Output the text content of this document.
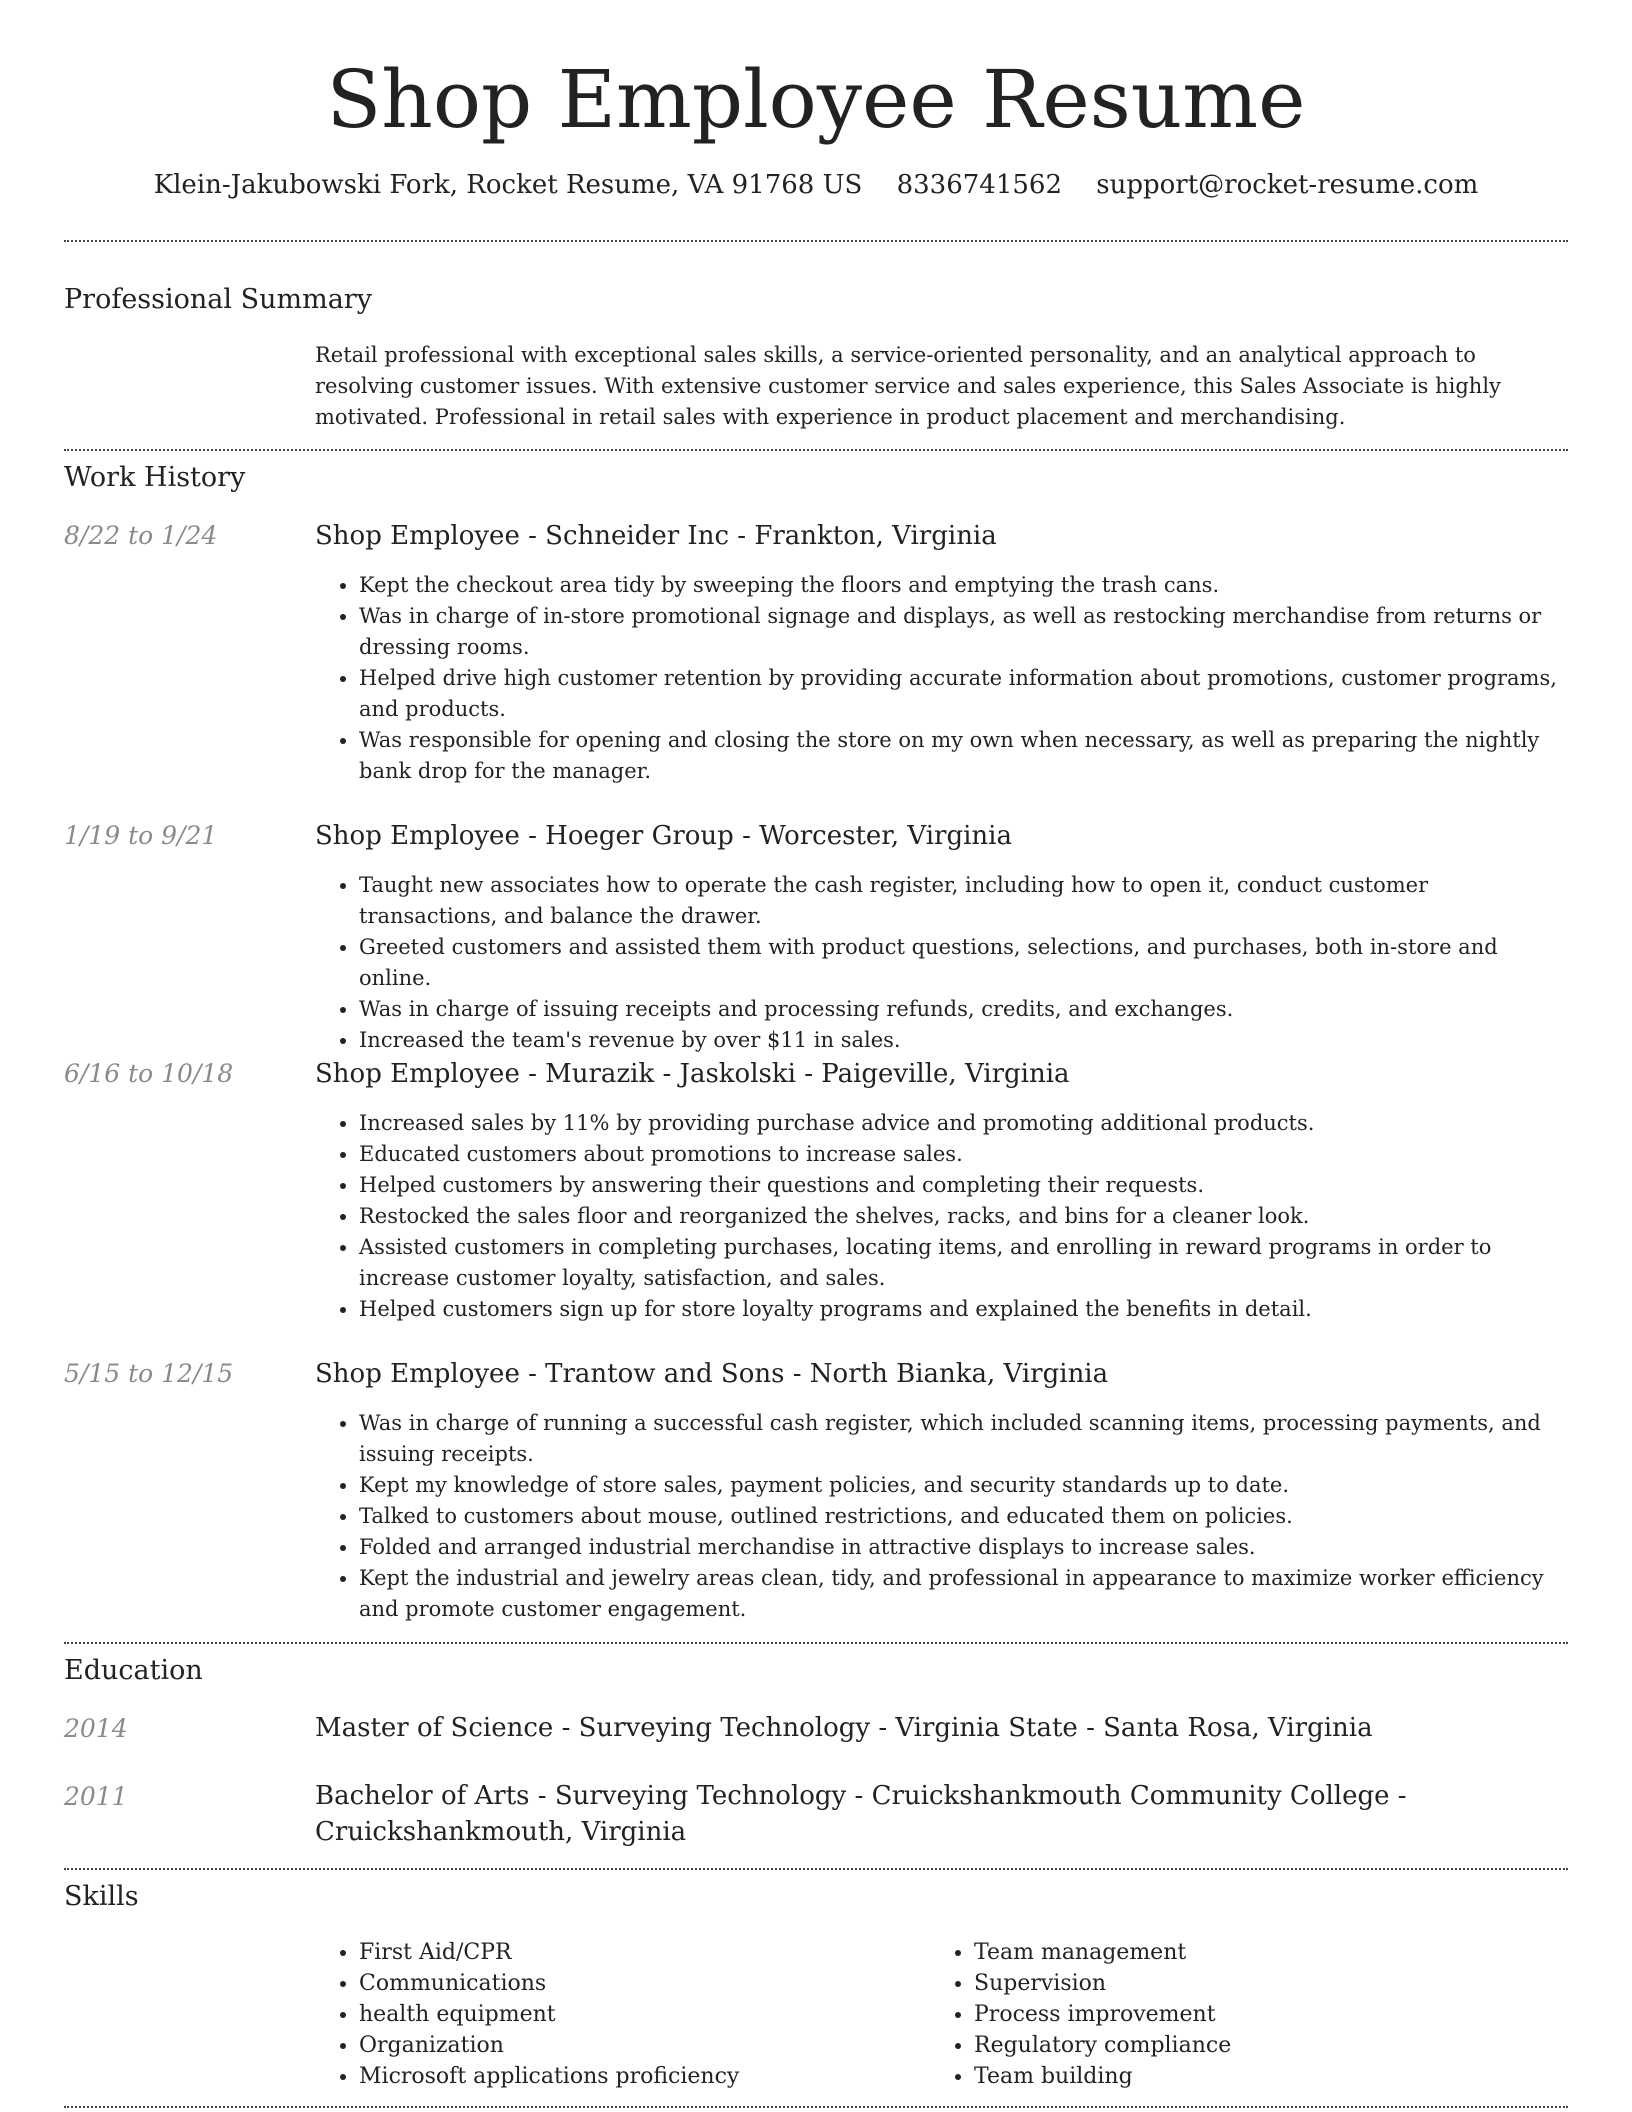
Shop Employee Resume
Klein-Jakubowski Fork, Rocket Resume, VA 91768 US 8336741562 support@rocket-resume.com
Professional Summary

Retail professional with exceptional sales skills, a service-oriented personality, and an analytical approach to resolving customer issues. With extensive customer service and sales experience, this Sales Associate is highly motivated. Professional in retail sales with experience in product placement and merchandising.

Work History
8/22 to 1/24	Shop Employee - Schneider Inc - Frankton, Virginia
• Kept the checkout area tidy by sweeping the floors and emptying the trash cans.
• Was in charge of in-store promotional signage and displays, as well as restocking merchandise from returns or dressing rooms.
• Helped drive high customer retention by providing accurate information about promotions, customer programs, and products.
• Was responsible for opening and closing the store on my own when necessary, as well as preparing the nightly bank drop for the manager.
1/19 to 9/21	Shop Employee - Hoeger Group - Worcester, Virginia
• Taught new associates how to operate the cash register, including how to open it, conduct customer transactions, and balance the drawer.
• Greeted customers and assisted them with product questions, selections, and purchases, both in-store and online.
• Was in charge of issuing receipts and processing refunds, credits, and exchanges.
• Increased the team's revenue by over $11 in sales.
6/16 to 10/18	Shop Employee - Murazik - Jaskolski - Paigeville, Virginia
• Increased sales by 11% by providing purchase advice and promoting additional products.
• Educated customers about promotions to increase sales.
• Helped customers by answering their questions and completing their requests.
• Restocked the sales floor and reorganized the shelves, racks, and bins for a cleaner look.
• Assisted customers in completing purchases, locating items, and enrolling in reward programs in order to increase customer loyalty, satisfaction, and sales.
• Helped customers sign up for store loyalty programs and explained the benefits in detail.
5/15 to 12/15	Shop Employee - Trantow and Sons - North Bianka, Virginia
• Was in charge of running a successful cash register, which included scanning items, processing payments, and issuing receipts.
• Kept my knowledge of store sales, payment policies, and security standards up to date.
• Talked to customers about mouse, outlined restrictions, and educated them on policies.
• Folded and arranged industrial merchandise in attractive displays to increase sales.
• Kept the industrial and jewelry areas clean, tidy, and professional in appearance to maximize worker efficiency and promote customer engagement.
Education
2014	Master of Science - Surveying Technology - Virginia State - Santa Rosa, Virginia
2011	Bachelor of Arts - Surveying Technology - Cruickshankmouth Community College - Cruickshankmouth, Virginia
Skills
• First Aid/CPR
• Communications
• health equipment
• Organization
• Microsoft applications proficiency
• Team management
• Supervision
• Process improvement
• Regulatory compliance
• Team building
